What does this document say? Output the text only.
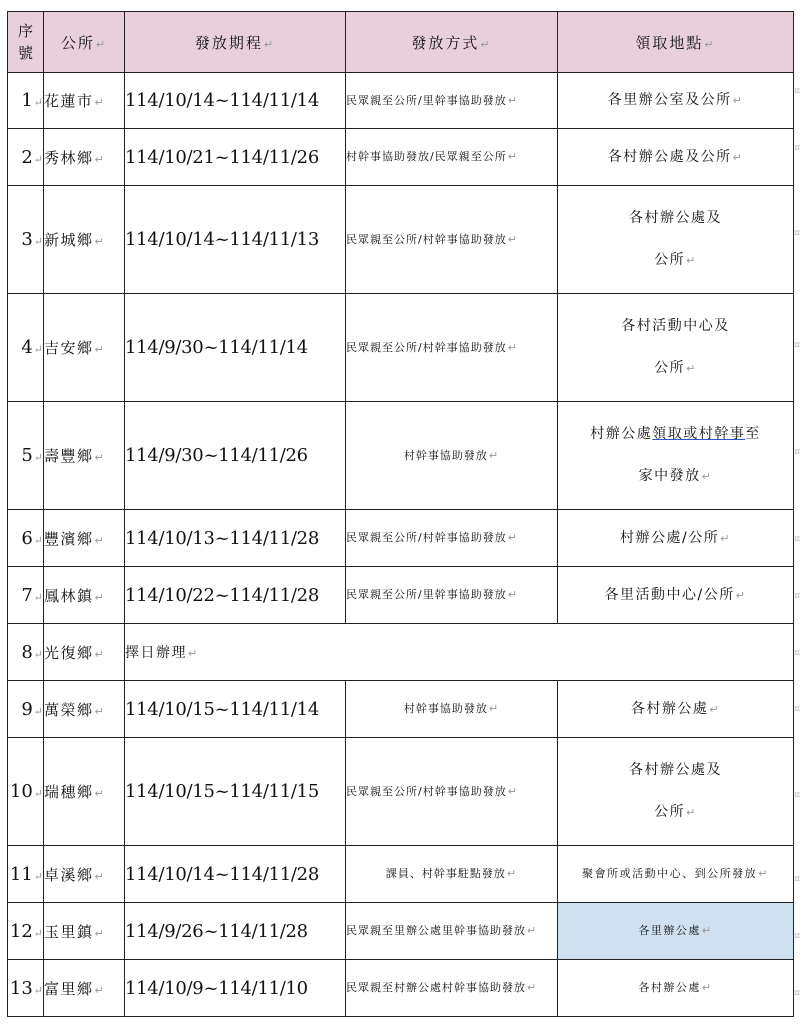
序
號	公所↵	發放期程↵	發放方式↵	領取地點↵
1↵	花蓮市↵	114/10/14~114/11/14	民眾親至公所/里幹事協助發放↵	各里辦公室及公所↵
2↵	秀林鄉↵	114/10/21~114/11/26	村幹事協助發放/民眾親至公所↵	各村辦公處及公所↵
3↵	新城鄉↵	114/10/14~114/11/13	民眾親至公所/村幹事協助發放↵	各村辦公處及
公所↵
4↵	吉安鄉↵	114/9/30~114/11/14	民眾親至公所/村幹事協助發放↵	各村活動中心及
公所↵
5↵	壽豐鄉↵	114/9/30~114/11/26	村幹事協助發放↵	村辦公處領取或村幹事至
家中發放↵
6↵	豐濱鄉↵	114/10/13~114/11/28	民眾親至公所/村幹事協助發放↵	村辦公處/公所↵
7↵	鳳林鎮↵	114/10/22~114/11/28	民眾親至公所/里幹事協助發放↵	各里活動中心/公所↵
8↵	光復鄉↵	擇日辦理↵		
9↵	萬榮鄉↵	114/10/15~114/11/14	村幹事協助發放↵	各村辦公處↵
10↵	瑞穗鄉↵	114/10/15~114/11/15	民眾親至公所/村幹事協助發放↵	各村辦公處及
公所↵
11↵	卓溪鄉↵	114/10/14~114/11/28	課員、村幹事駐點發放↵	聚會所或活動中心、到公所發放↵
12↵	玉里鎮↵	114/9/26~114/11/28	民眾親至里辦公處里幹事協助發放↵	各里辦公處↵
13↵	富里鄉↵	114/10/9~114/11/10	民眾親至村辦公處村幹事協助發放↵	各村辦公處↵
¤
¤
¤
¤
¤
¤
¤
¤
¤
¤
¤
¤
¤
